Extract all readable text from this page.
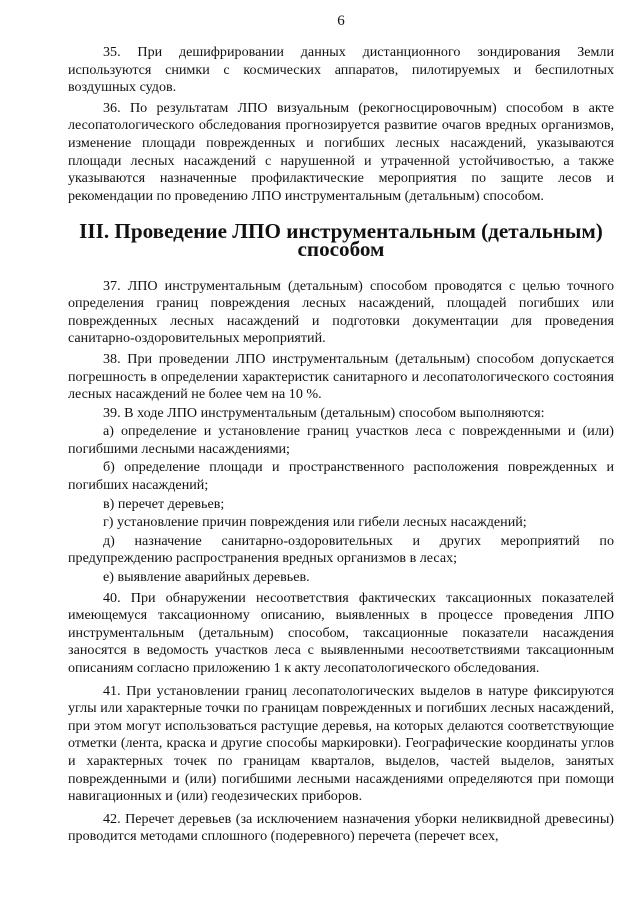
6

35. При дешифрировании данных дистанционного зондирования Земли используются снимки с космических аппаратов, пилотируемых и беспилотных воздушных судов.

36. По результатам ЛПО визуальным (рекогносцировочным) способом в акте лесопатологического обследования прогнозируется развитие очагов вредных организмов, изменение площади поврежденных и погибших лесных насаждений, указываются площади лесных насаждений с нарушенной и утраченной устойчивостью, а также указываются назначенные профилактические мероприятия по защите лесов и рекомендации по проведению ЛПО инструментальным (детальным) способом.

III. Проведение ЛПО инструментальным (детальным) способом

37. ЛПО инструментальным (детальным) способом проводятся с целью точного определения границ повреждения лесных насаждений, площадей погибших или поврежденных лесных насаждений и подготовки документации для проведения санитарно-оздоровительных мероприятий.

38. При проведении ЛПО инструментальным (детальным) способом допускается погрешность в определении характеристик санитарного и лесопатологического состояния лесных насаждений не более чем на 10 %.

39. В ходе ЛПО инструментальным (детальным) способом выполняются:

а) определение и установление границ участков леса с поврежденными и (или) погибшими лесными насаждениями;

б) определение площади и пространственного расположения поврежденных и погибших насаждений;

в) перечет деревьев;

г) установление причин повреждения или гибели лесных насаждений;

д) назначение санитарно-оздоровительных и других мероприятий по предупреждению распространения вредных организмов в лесах;

е) выявление аварийных деревьев.

40. При обнаружении несоответствия фактических таксационных показателей имеющемуся таксационному описанию, выявленных в процессе проведения ЛПО инструментальным (детальным) способом, таксационные показатели насаждения заносятся в ведомость участков леса с выявленными несоответствиями таксационным описаниям согласно приложению 1 к акту лесопатологического обследования.

41. При установлении границ лесопатологических выделов в натуре фиксируются углы или характерные точки по границам поврежденных и погибших лесных насаждений, при этом могут использоваться растущие деревья, на которых делаются соответствующие отметки (лента, краска и другие способы маркировки). Географические координаты углов и характерных точек по границам кварталов, выделов, частей выделов, занятых поврежденными и (или) погибшими лесными насаждениями определяются при помощи навигационных и (или) геодезических приборов.

42. Перечет деревьев (за исключением назначения уборки неликвидной древесины) проводится методами сплошного (подеревного) перечета (перечет всех,
